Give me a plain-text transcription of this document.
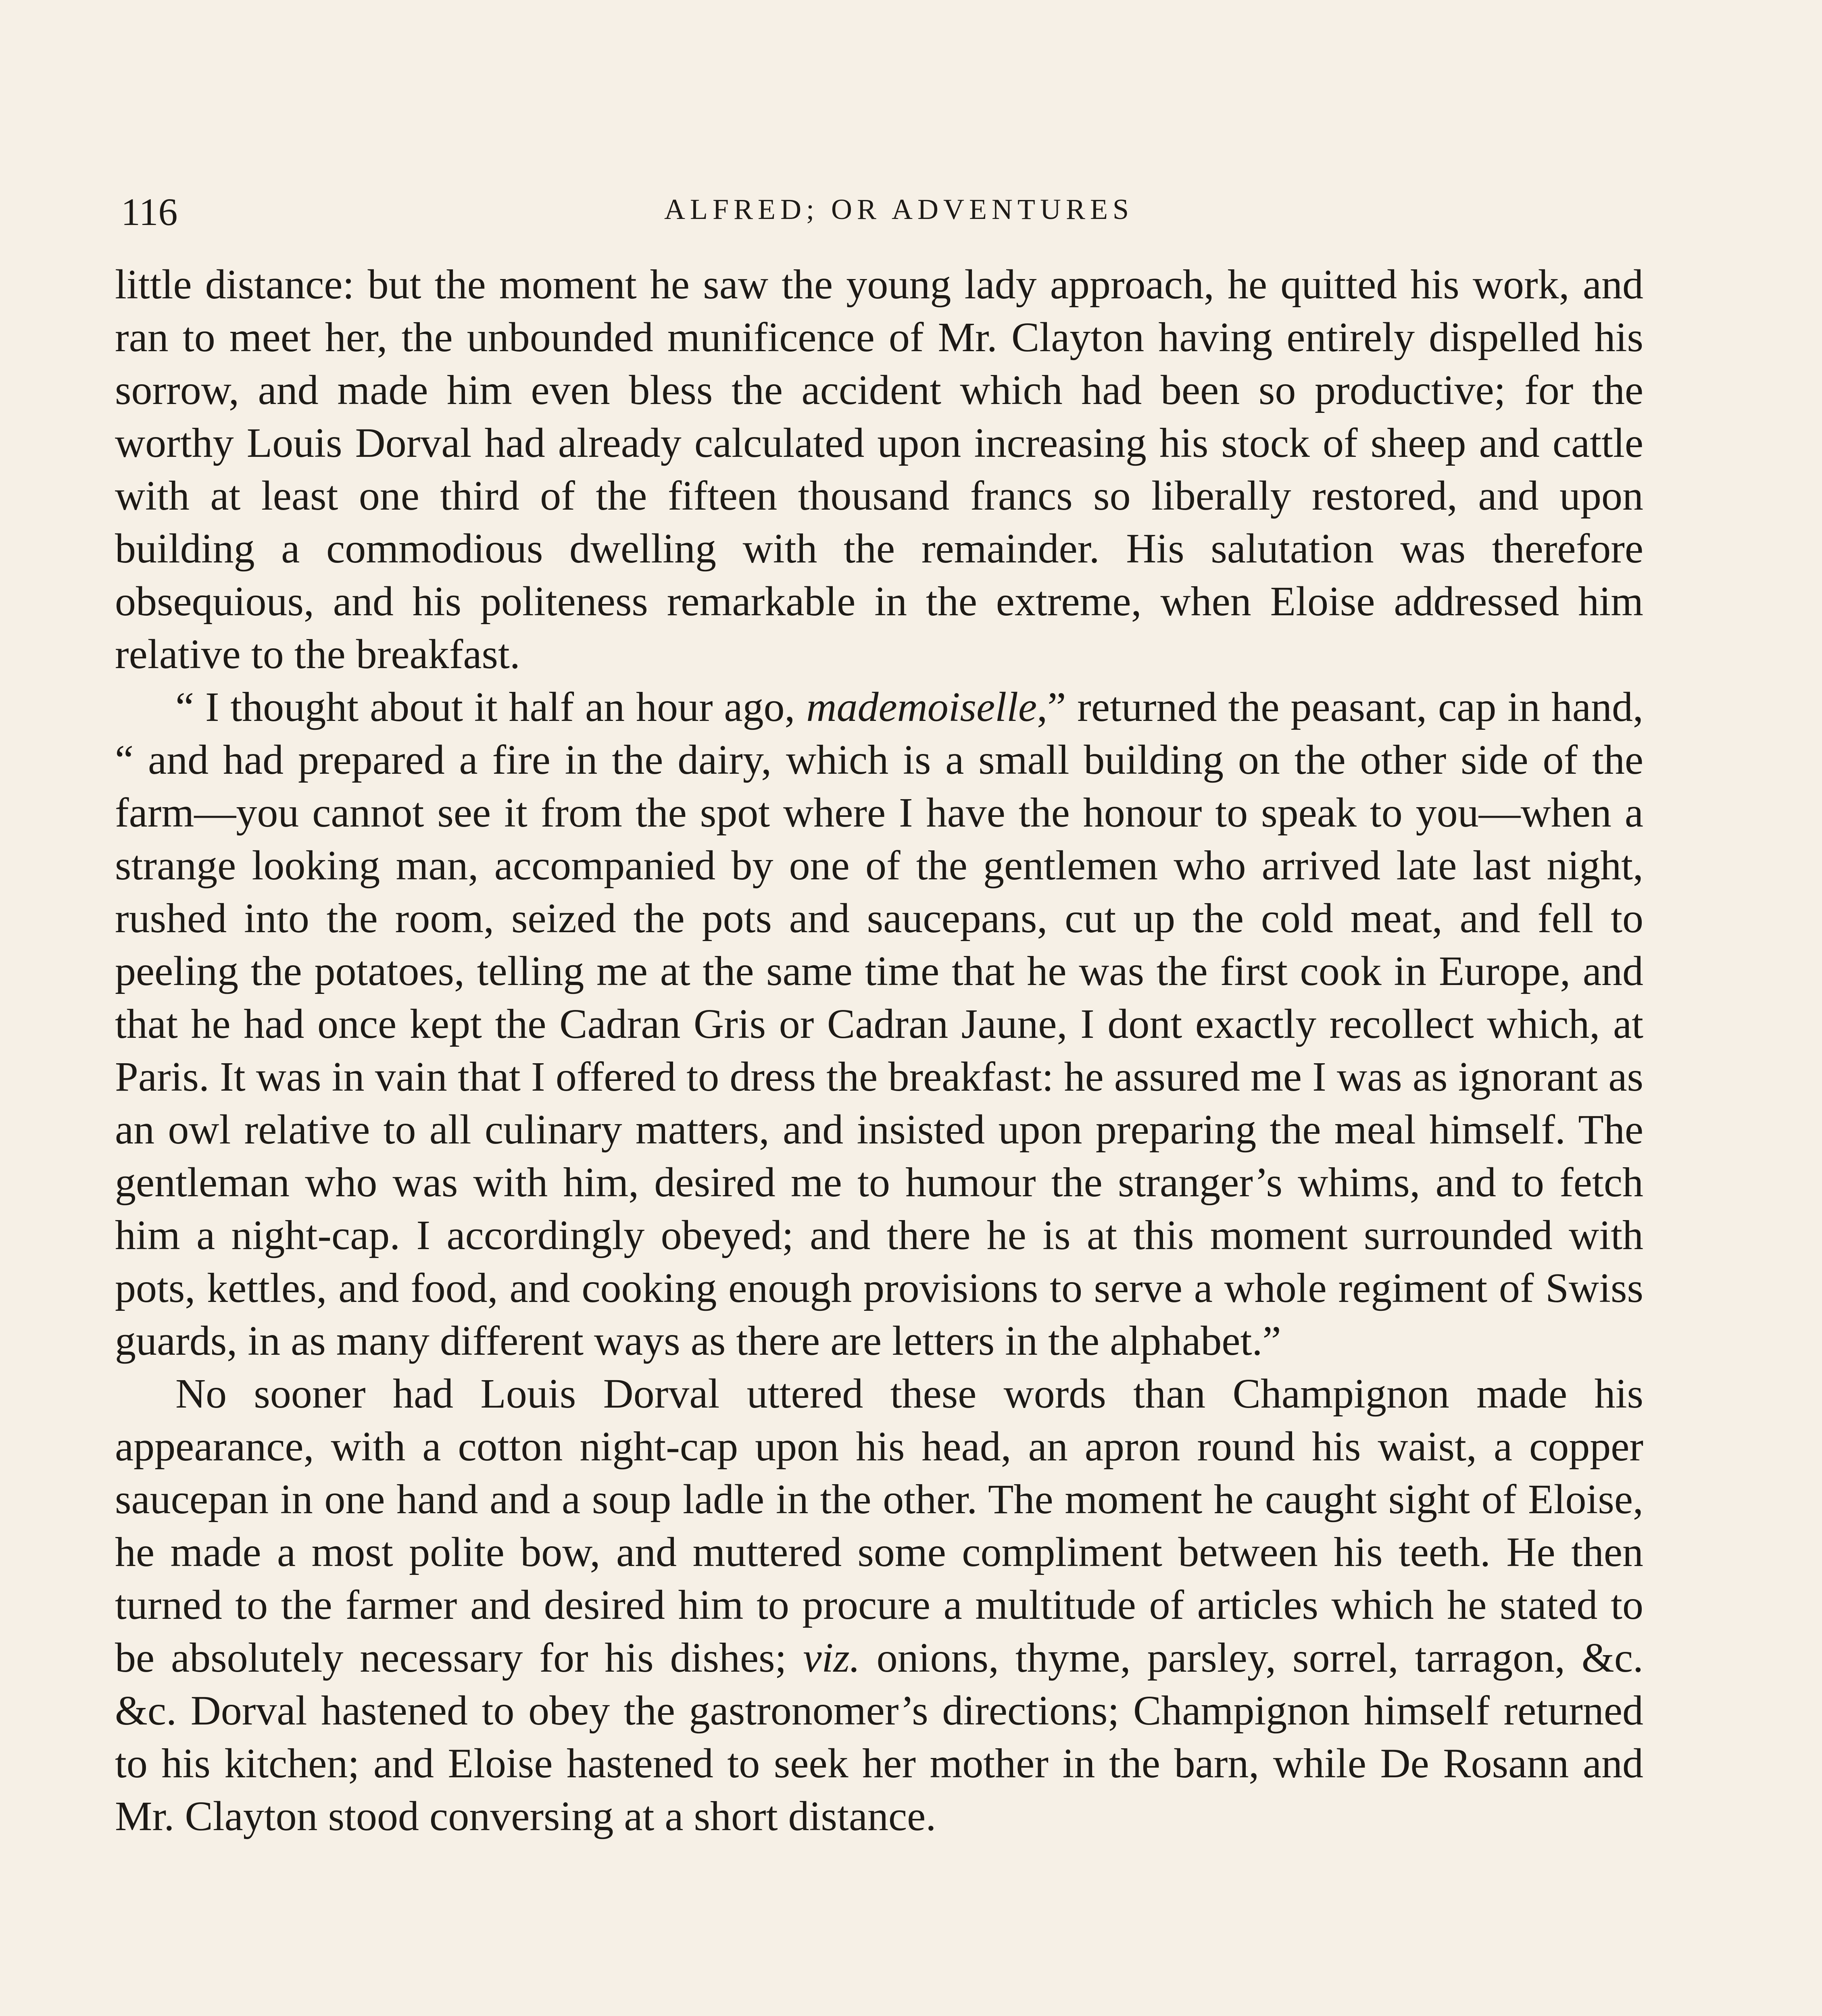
116	ALFRED; OR ADVENTURES

little distance: but the moment he saw the young lady approach, he quitted his work, and ran to meet her, the unbounded munificence of Mr. Clayton having entirely dispelled his sorrow, and made him even bless the accident which had been so productive; for the worthy Louis Dorval had already calculated upon increasing his stock of sheep and cattle with at least one third of the fifteen thousand francs so liberally restored, and upon building a commodious dwelling with the remainder. His salutation was therefore obsequious, and his politeness remarkable in the extreme, when Eloise addressed him relative to the breakfast.

“ I thought about it half an hour ago, mademoiselle,” returned the peasant, cap in hand, “ and had prepared a fire in the dairy, which is a small building on the other side of the farm—you cannot see it from the spot where I have the honour to speak to you—when a strange looking man, accompanied by one of the gentlemen who arrived late last night, rushed into the room, seized the pots and saucepans, cut up the cold meat, and fell to peeling the potatoes, telling me at the same time that he was the first cook in Europe, and that he had once kept the Cadran Gris or Cadran Jaune, I dont exactly recollect which, at Paris. It was in vain that I offered to dress the breakfast: he assured me I was as ignorant as an owl relative to all culinary matters, and insisted upon preparing the meal himself. The gentleman who was with him, desired me to humour the stranger’s whims, and to fetch him a night-cap. I accordingly obeyed; and there he is at this moment surrounded with pots, kettles, and food, and cooking enough provisions to serve a whole regiment of Swiss guards, in as many different ways as there are letters in the alphabet.”

No sooner had Louis Dorval uttered these words than Champignon made his appearance, with a cotton night-cap upon his head, an apron round his waist, a copper saucepan in one hand and a soup ladle in the other. The moment he caught sight of Eloise, he made a most polite bow, and muttered some compliment between his teeth. He then turned to the farmer and desired him to procure a multitude of articles which he stated to be absolutely necessary for his dishes; viz. onions, thyme, parsley, sorrel, tarragon, &c. &c. Dorval hastened to obey the gastronomer’s directions; Champignon himself returned to his kitchen; and Eloise hastened to seek her mother in the barn, while De Rosann and Mr. Clayton stood conversing at a short distance.
